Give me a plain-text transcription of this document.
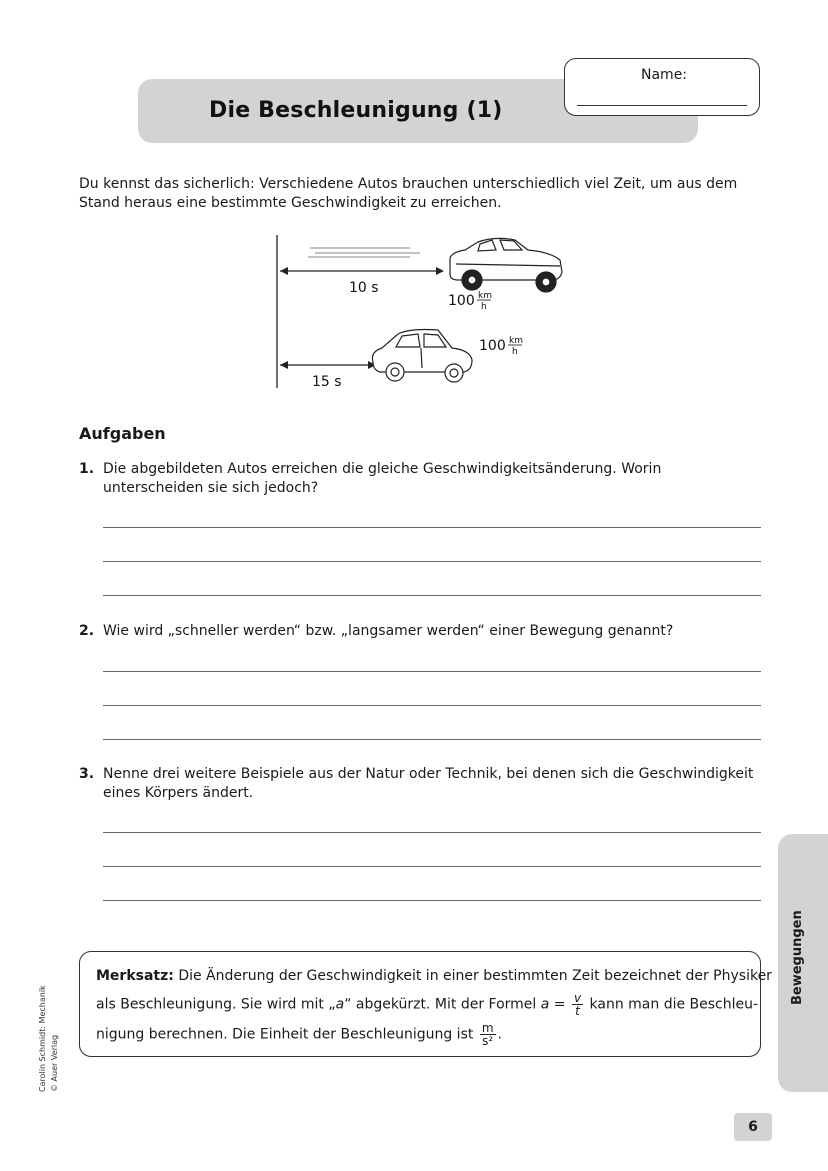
Die Beschleunigung (1)
Name:
Du kennst das sicherlich: Verschiedene Autos brauchen unterschiedlich viel Zeit, um aus dem Stand heraus eine bestimmte Geschwindigkeit zu erreichen.
10 s
15 s
100 km
h
100 km
h
Aufgaben
1. Die abgebildeten Autos erreichen die gleiche Geschwindigkeitsänderung. Worin unterscheiden sie sich jedoch?
2. Wie wird „schneller werden“ bzw. „langsamer werden“ einer Bewegung genannt?
3. Nenne drei weitere Beispiele aus der Natur oder Technik, bei denen sich die Geschwindigkeit eines Körpers ändert.
Merksatz: Die Änderung der Geschwindigkeit in einer bestimmten Zeit bezeichnet der Physiker
als Beschleunigung. Sie wird mit „a“ abgekürzt. Mit der Formel $a = \frac{v}{t}$ kann man die Beschleu-
nigung berechnen. Die Einheit der Beschleunigung ist $\frac{m}{\text{s²}}$ .
Bewegungen
Carolin Schmidt: Mechanik © Auer Verlag
6
